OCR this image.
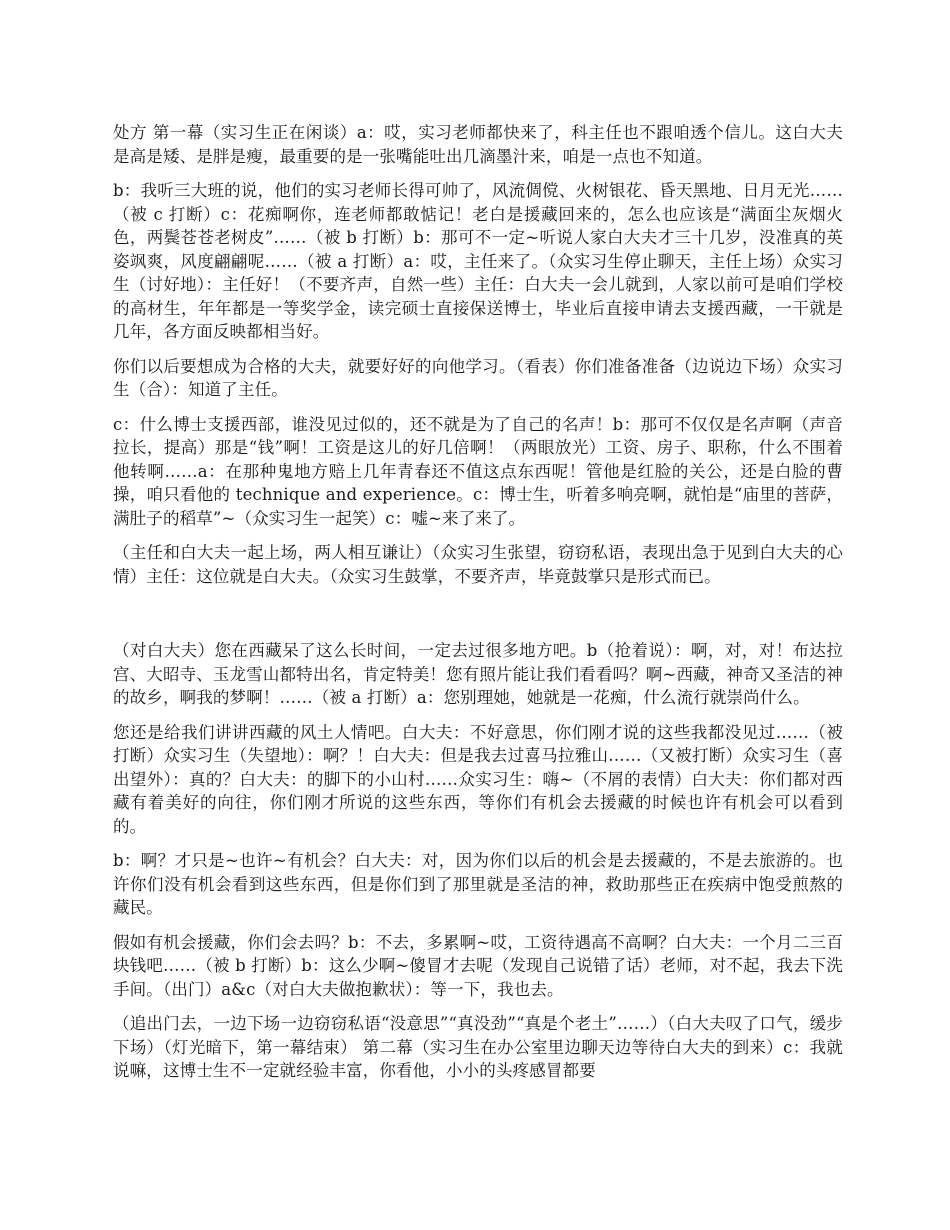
处方 第一幕（实习生正在闲谈）a：哎，实习老师都快来了，科主任也不跟咱透个信儿。这白大夫是高是矮、是胖是瘦，最重要的是一张嘴能吐出几滴墨汁来，咱是一点也不知道。

b：我听三大班的说，他们的实习老师长得可帅了，风流倜傥、火树银花、昏天黑地、日月无光……（被 c 打断）c：花痴啊你，连老师都敢惦记！老白是援藏回来的，怎么也应该是“满面尘灰烟火色，两鬓苍苍老树皮”……（被 b 打断）b：那可不一定~听说人家白大夫才三十几岁，没准真的英姿飒爽，风度翩翩呢……（被 a 打断）a：哎，主任来了。（众实习生停止聊天，主任上场）众实习生（讨好地）：主任好！（不要齐声，自然一些）主任：白大夫一会儿就到，人家以前可是咱们学校的高材生，年年都是一等奖学金，读完硕士直接保送博士，毕业后直接申请去支援西藏，一干就是几年，各方面反映都相当好。

你们以后要想成为合格的大夫，就要好好的向他学习。（看表）你们准备准备（边说边下场）众实习生（合）：知道了主任。

c：什么博士支援西部，谁没见过似的，还不就是为了自己的名声！b：那可不仅仅是名声啊（声音拉长，提高）那是“钱”啊！工资是这儿的好几倍啊！（两眼放光）工资、房子、职称，什么不围着他转啊……a：在那种鬼地方赔上几年青春还不值这点东西呢！管他是红脸的关公，还是白脸的曹操，咱只看他的 technique and experience。c：博士生，听着多响亮啊，就怕是“庙里的菩萨，满肚子的稻草”~（众实习生一起笑）c：嘘~来了来了。

（主任和白大夫一起上场，两人相互谦让）（众实习生张望，窃窃私语，表现出急于见到白大夫的心情）主任：这位就是白大夫。（众实习生鼓掌，不要齐声，毕竟鼓掌只是形式而已。

（对白大夫）您在西藏呆了这么长时间，一定去过很多地方吧。b（抢着说）：啊，对，对！布达拉宫、大昭寺、玉龙雪山都特出名，肯定特美！您有照片能让我们看看吗？啊~西藏，神奇又圣洁的神的故乡，啊我的梦啊！……（被 a 打断）a：您别理她，她就是一花痴，什么流行就崇尚什么。

您还是给我们讲讲西藏的风土人情吧。白大夫：不好意思，你们刚才说的这些我都没见过……（被打断）众实习生（失望地）：啊？！白大夫：但是我去过喜马拉雅山……（又被打断）众实习生（喜出望外）：真的？白大夫：的脚下的小山村……众实习生：嗨~（不屑的表情）白大夫：你们都对西藏有着美好的向往，你们刚才所说的这些东西，等你们有机会去援藏的时候也许有机会可以看到的。

b：啊？才只是~也许~有机会？白大夫：对，因为你们以后的机会是去援藏的，不是去旅游的。也许你们没有机会看到这些东西，但是你们到了那里就是圣洁的神，救助那些正在疾病中饱受煎熬的藏民。

假如有机会援藏，你们会去吗？b：不去，多累啊~哎，工资待遇高不高啊？白大夫：一个月二三百块钱吧……（被 b 打断）b：这么少啊~傻冒才去呢（发现自己说错了话）老师，对不起，我去下洗手间。（出门）a&c（对白大夫做抱歉状）：等一下，我也去。

（追出门去，一边下场一边窃窃私语“没意思”“真没劲”“真是个老土”……）（白大夫叹了口气，缓步下场）（灯光暗下，第一幕结束） 第二幕（实习生在办公室里边聊天边等待白大夫的到来）c：我就说嘛，这博士生不一定就经验丰富，你看他，小小的头疼感冒都要
